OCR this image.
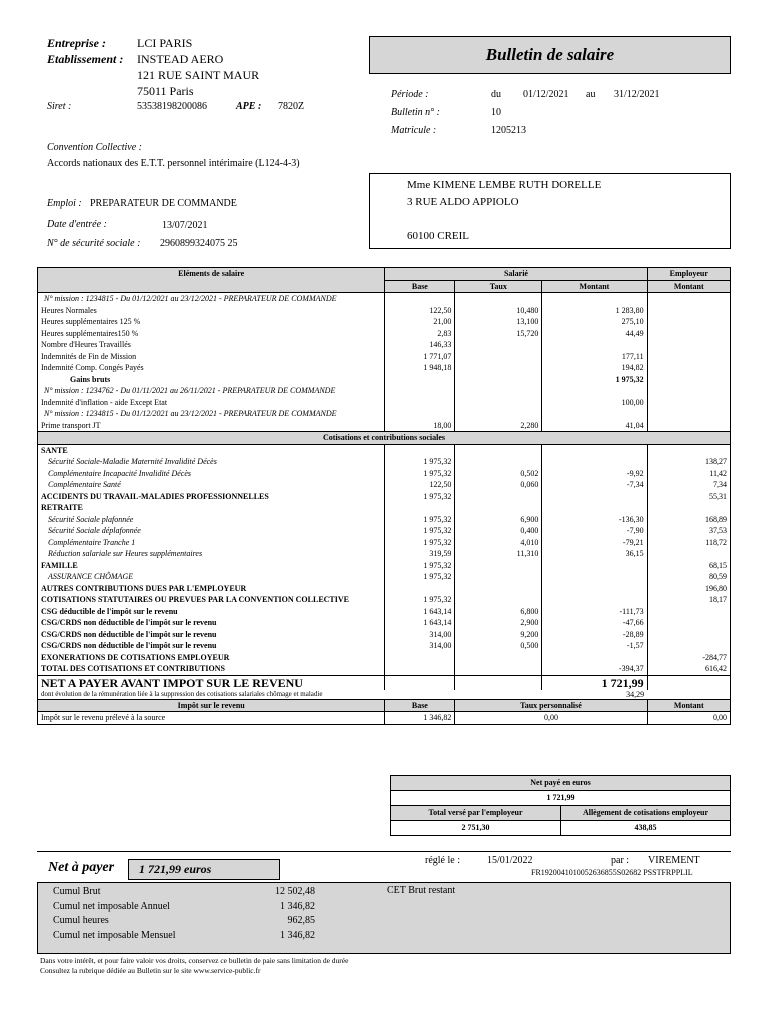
Entreprise :	LCI PARIS
Etablissement : INSTEAD AERO
121 RUE SAINT MAUR
75011 Paris
Siret :	53538198200086	APE : 7820Z
Bulletin de salaire
Période :	du 01/12/2021 au 31/12/2021
Bulletin n° :	10
Matricule :	1205213
Convention Collective :
Accords nationaux des E.T.T. personnel intérimaire (L124-4-3)
Emploi : PREPARATEUR DE COMMANDE
Date d'entrée :	13/07/2021
N° de sécurité sociale : 2960899324075 25
Mme KIMENE LEMBE RUTH DORELLE
3 RUE ALDO APPIOLO
60100 CREIL
Eléments de salaire	Salarié			Employeur
	Base	Taux	Montant	Montant
N° mission : 1234815 - Du 01/12/2021 au 23/12/2021 - PREPARATEUR DE COMMANDE				
Heures Normales	122,50	10,480	1 283,80	
Heures supplémentaires 125 %	21,00	13,100	275,10	
Heures supplémentaires150 %	2,83	15,720	44,49	
Nombre d'Heures Travaillés	146,33			
Indemnités de Fin de Mission	1 771,07		177,11	
Indemnité Comp. Congés Payés	1 948,18		194,82	

Gains bruts			1 975,32	
N° mission : 1234762 - Du 01/11/2021 au 26/11/2021 - PREPARATEUR DE COMMANDE				
Indemnité d'inflation - aide Except Etat			100,00	
N° mission : 1234815 - Du 01/12/2021 au 23/12/2021 - PREPARATEUR DE COMMANDE				
Prime transport JT	18,00	2,280	41,04	
Cotisations et contributions sociales				
SANTE				
Sécurité Sociale-Maladie Maternité Invalidité Décès	1 975,32			138,27
Complémentaire Incapacité Invalidité Décès	1 975,32	0,502	-9,92	11,42
Complémentaire Santé	122,50	0,060	-7,34	7,34
ACCIDENTS DU TRAVAIL-MALADIES PROFESSIONNELLES	1 975,32			55,31
RETRAITE				
Sécurité Sociale plafonnée	1 975,32	6,900	-136,30	168,89
Sécurité Sociale déplafonnée	1 975,32	0,400	-7,90	37,53
Complémentaire Tranche 1	1 975,32	4,010	-79,21	118,72
Réduction salariale sur Heures supplémentaires	319,59	11,310	36,15	
FAMILLE	1 975,32			68,15
ASSURANCE CHÔMAGE	1 975,32			80,59
AUTRES CONTRIBUTIONS DUES PAR L'EMPLOYEUR				196,80
COTISATIONS STATUTAIRES OU PREVUES PAR LA CONVENTION COLLECTIVE	1 975,32			18,17
CSG déductible de l'impôt sur le revenu	1 643,14	6,800	-111,73	
CSG/CRDS non déductible de l'impôt sur le revenu	1 643,14	2,900	-47,66	
CSG/CRDS non déductible de l'impôt sur le revenu	314,00	9,200	-28,89	
CSG/CRDS non déductible de l'impôt sur le revenu	314,00	0,500	-1,57	
EXONERATIONS DE COTISATIONS EMPLOYEUR				-284,77
TOTAL DES COTISATIONS ET CONTRIBUTIONS			-394,37	616,42
NET A PAYER AVANT IMPOT SUR LE REVENU			1 721,99	
dont évolution de la rémunération liée à la suppression des cotisations salariales chômage et maladie			34,29	
Impôt sur le revenu	Base	Taux personnalisé		Montant
Impôt sur le revenu prélevé à la source	1 346,82	0,00		0,00
Net payé en euros	
1 721,99	
Total versé par l'employeur	Allègement de cotisations employeur
2 751,30	438,85
Net à payer	1 721,99 euros
réglé le :	15/01/2022	par : VIREMENT
FR1920041010052636855S02682 PSSTFRPPLIL
Cumul Brut	12 502,48
Cumul net imposable Annuel	1 346,82
Cumul heures	962,85
Cumul net imposable Mensuel	1 346,82
CET Brut restant
Dans votre intérêt, et pour faire valoir vos droits, conservez ce bulletin de paie sans limitation de durée
Consultez la rubrique dédiée au Bulletin sur le site www.service-public.fr
